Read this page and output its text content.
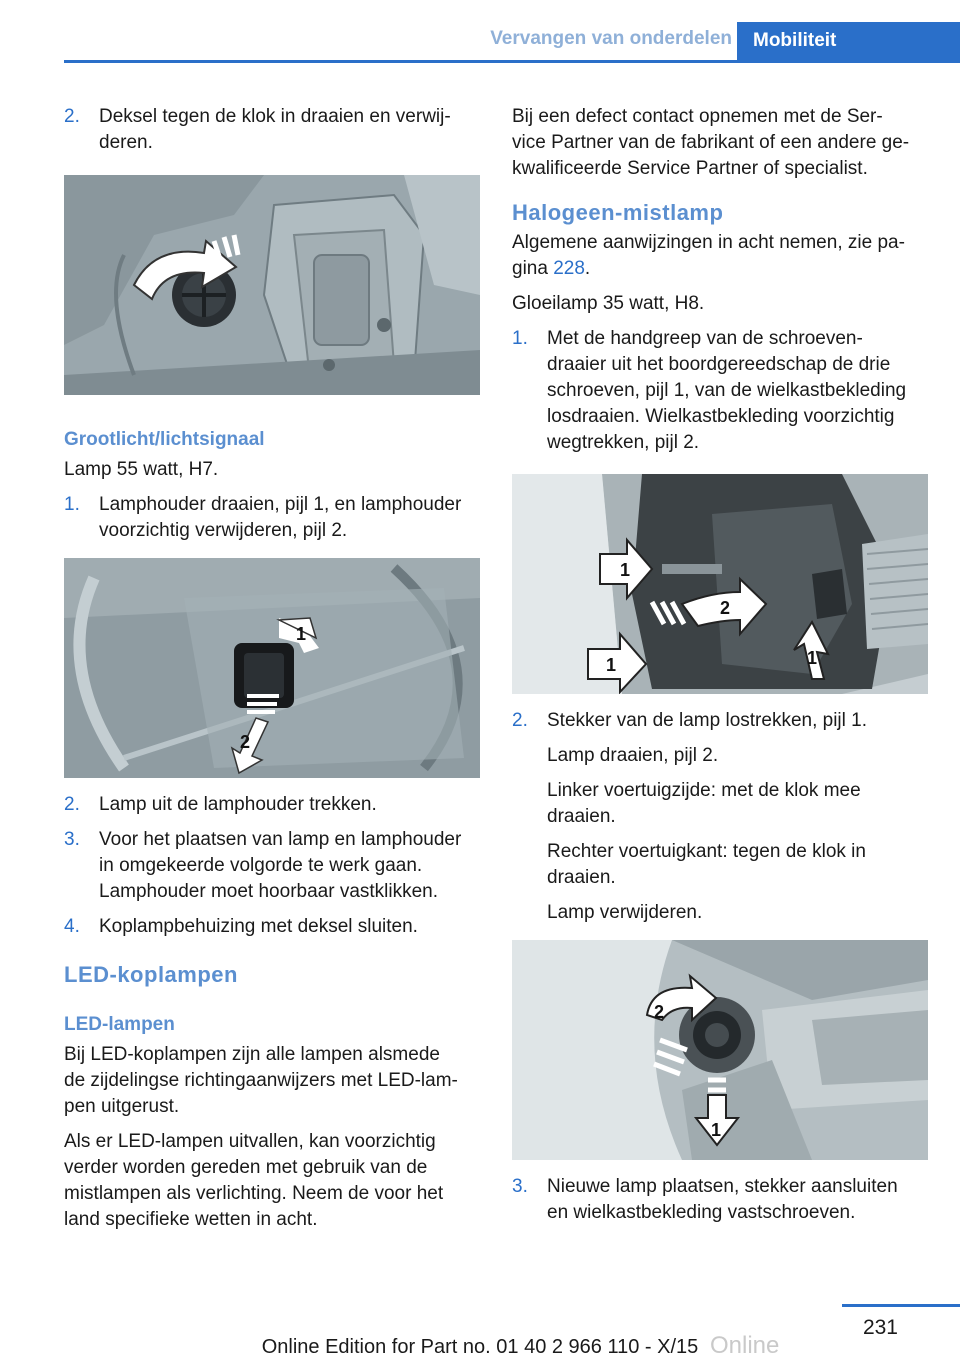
Vervangen van onderdelen	Mobiliteit
2.	Deksel tegen de klok in draaien en verwij‐
deren.
Grootlicht/lichtsignaal

Lamp 55 watt, H7.

1.	Lamphouder draaien, pijl 1, en lamphouder
voorzichtig verwijderen, pijl 2.
1
2
2.	Lamp uit de lamphouder trekken.
3.	Voor het plaatsen van lamp en lamphouder
in omgekeerde volgorde te werk gaan.
Lamphouder moet hoorbaar vastklikken.
4.	Koplampbehuizing met deksel sluiten.
LED-koplampen
LED-lampen

Bij LED-koplampen zijn alle lampen alsmede
de zijdelingse richtingaanwijzers met LED-lam‐
pen uitgerust.

Als er LED-lampen uitvallen, kan voorzichtig
verder worden gereden met gebruik van de
mistlampen als verlichting. Neem de voor het
land specifieke wetten in acht.

Bij een defect contact opnemen met de Ser‐
vice Partner van de fabrikant of een andere ge‐
kwalificeerde Service Partner of specialist.

Halogeen-mistlamp

Algemene aanwijzingen in acht nemen, zie pa‐
gina 228.

Gloeilamp 35 watt, H8.

1.	Met de handgreep van de schroeven‐
draaier uit het boordgereedschap de drie
schroeven, pijl 1, van de wielkastbekleding
losdraaien. Wielkastbekleding voorzichtig
wegtrekken, pijl 2.
1
2
1	1
2.	Stekker van de lamp lostrekken, pijl 1.
Lamp draaien, pijl 2.
Linker voertuigzijde: met de klok mee
draaien.
Rechter voertuigkant: tegen de klok in
draaien.
Lamp verwijderen.
2
1
3.	Nieuwe lamp plaatsen, stekker aansluiten
en wielkastbekleding vastschroeven.
231
Online
Online Edition for Part no. 01 40 2 966 110 - X/15
